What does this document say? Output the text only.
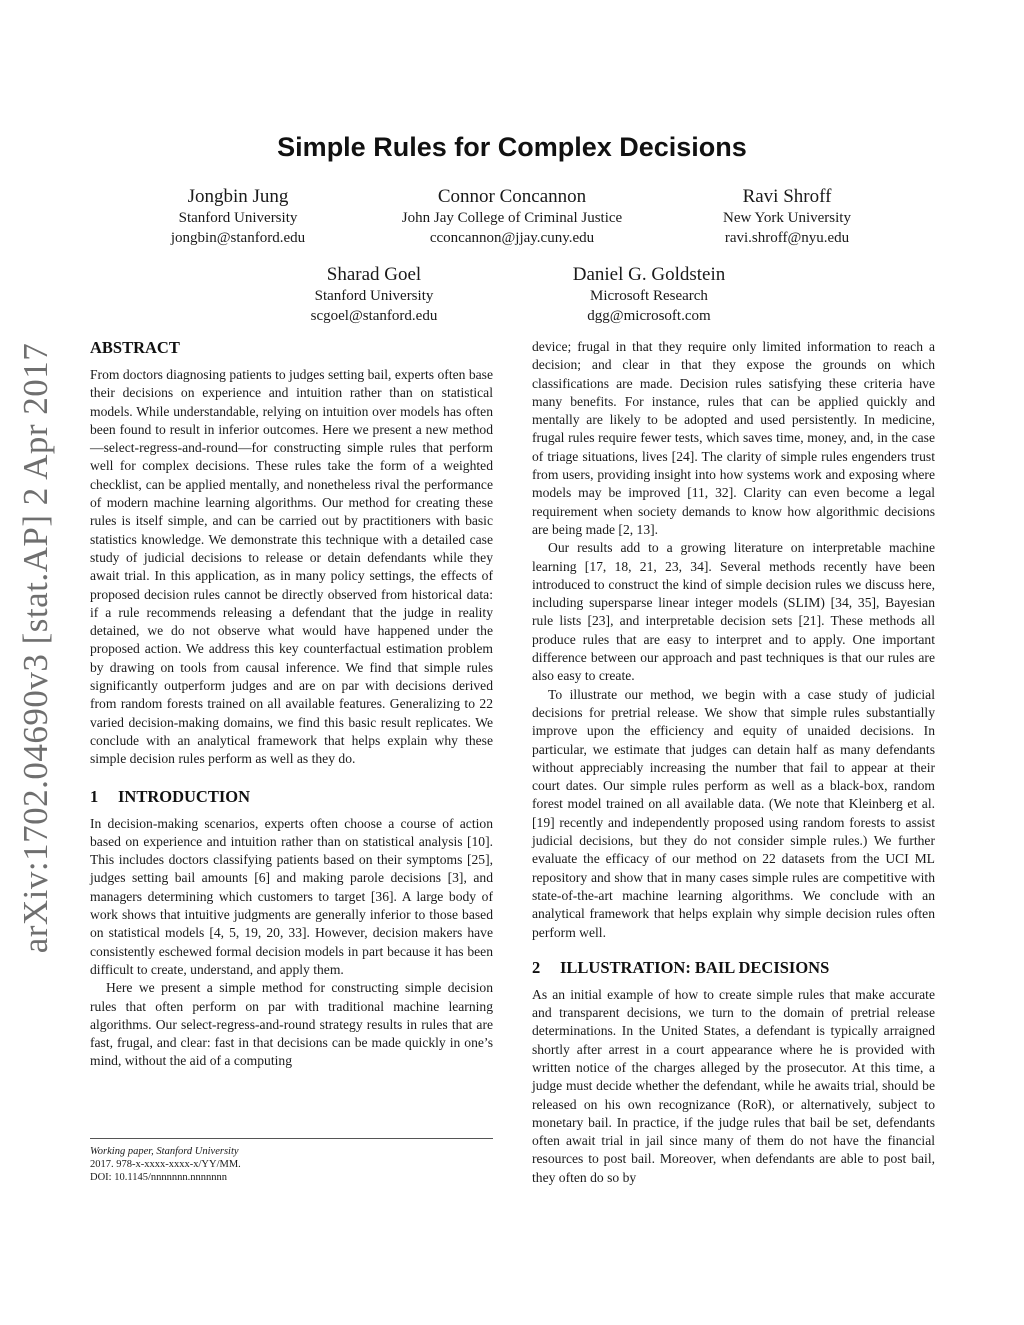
arXiv:1702.04690v3 [stat.AP] 2 Apr 2017
Simple Rules for Complex Decisions
Jongbin Jung
Stanford University
jongbin@stanford.edu
Connor Concannon
John Jay College of Criminal Justice
cconcannon@jjay.cuny.edu
Ravi Shroff
New York University
ravi.shroff@nyu.edu
Sharad Goel
Stanford University
scgoel@stanford.edu
Daniel G. Goldstein
Microsoft Research
dgg@microsoft.com
ABSTRACT

From doctors diagnosing patients to judges setting bail, experts often base their decisions on experience and intuition rather than on statistical models. While understandable, relying on intuition over models has often been found to result in inferior outcomes. Here we present a new method—select-regress-and-round—for constructing simple rules that perform well for complex decisions. These rules take the form of a weighted checklist, can be applied mentally, and nonetheless rival the performance of modern machine learning algorithms. Our method for creating these rules is itself simple, and can be carried out by practitioners with basic statistics knowledge. We demonstrate this technique with a detailed case study of judicial decisions to release or detain defendants while they await trial. In this application, as in many policy settings, the effects of proposed decision rules cannot be directly observed from historical data: if a rule recommends releasing a defendant that the judge in reality detained, we do not observe what would have happened under the proposed action. We address this key counterfactual estimation problem by drawing on tools from causal inference. We find that simple rules significantly outperform judges and are on par with decisions derived from random forests trained on all available features. Generalizing to 22 varied decision-making domains, we find this basic result replicates. We conclude with an analytical framework that helps explain why these simple decision rules perform as well as they do.

1 INTRODUCTION

In decision-making scenarios, experts often choose a course of action based on experience and intuition rather than on statistical analysis [10]. This includes doctors classifying patients based on their symptoms [25], judges setting bail amounts [6] and making parole decisions [3], and managers determining which customers to target [36]. A large body of work shows that intuitive judgments are generally inferior to those based on statistical models [4, 5, 19, 20, 33]. However, decision makers have consistently eschewed formal decision models in part because it has been difficult to create, understand, and apply them.

Here we present a simple method for constructing simple decision rules that often perform on par with traditional machine learning algorithms. Our select-regress-and-round strategy results in rules that are fast, frugal, and clear: fast in that decisions can be made quickly in one’s mind, without the aid of a computing

device; frugal in that they require only limited information to reach a decision; and clear in that they expose the grounds on which classifications are made. Decision rules satisfying these criteria have many benefits. For instance, rules that can be applied quickly and mentally are likely to be adopted and used persistently. In medicine, frugal rules require fewer tests, which saves time, money, and, in the case of triage situations, lives [24]. The clarity of simple rules engenders trust from users, providing insight into how systems work and exposing where models may be improved [11, 32]. Clarity can even become a legal requirement when society demands to know how algorithmic decisions are being made [2, 13].

Our results add to a growing literature on interpretable machine learning [17, 18, 21, 23, 34]. Several methods recently have been introduced to construct the kind of simple decision rules we discuss here, including supersparse linear integer models (SLIM) [34, 35], Bayesian rule lists [23], and interpretable decision sets [21]. These methods all produce rules that are easy to interpret and to apply. One important difference between our approach and past techniques is that our rules are also easy to create.

To illustrate our method, we begin with a case study of judicial decisions for pretrial release. We show that simple rules substantially improve upon the efficiency and equity of unaided decisions. In particular, we estimate that judges can detain half as many defendants without appreciably increasing the number that fail to appear at their court dates. Our simple rules perform as well as a black-box, random forest model trained on all available data. (We note that Kleinberg et al. [19] recently and independently proposed using random forests to assist judicial decisions, but they do not consider simple rules.) We further evaluate the efficacy of our method on 22 datasets from the UCI ML repository and show that in many cases simple rules are competitive with state-of-the-art machine learning algorithms. We conclude with an analytical framework that helps explain why simple decision rules often perform well.

2 ILLUSTRATION: BAIL DECISIONS

As an initial example of how to create simple rules that make accurate and transparent decisions, we turn to the domain of pretrial release determinations. In the United States, a defendant is typically arraigned shortly after arrest in a court appearance where he is provided with written notice of the charges alleged by the prosecutor. At this time, a judge must decide whether the defendant, while he awaits trial, should be released on his own recognizance (RoR), or alternatively, subject to monetary bail. In practice, if the judge rules that bail be set, defendants often await trial in jail since many of them do not have the financial resources to post bail. Moreover, when defendants are able to post bail, they often do so by

Working paper, Stanford University
2017. 978-x-xxxx-xxxx-x/YY/MM.
DOI: 10.1145/nnnnnnn.nnnnnnn
